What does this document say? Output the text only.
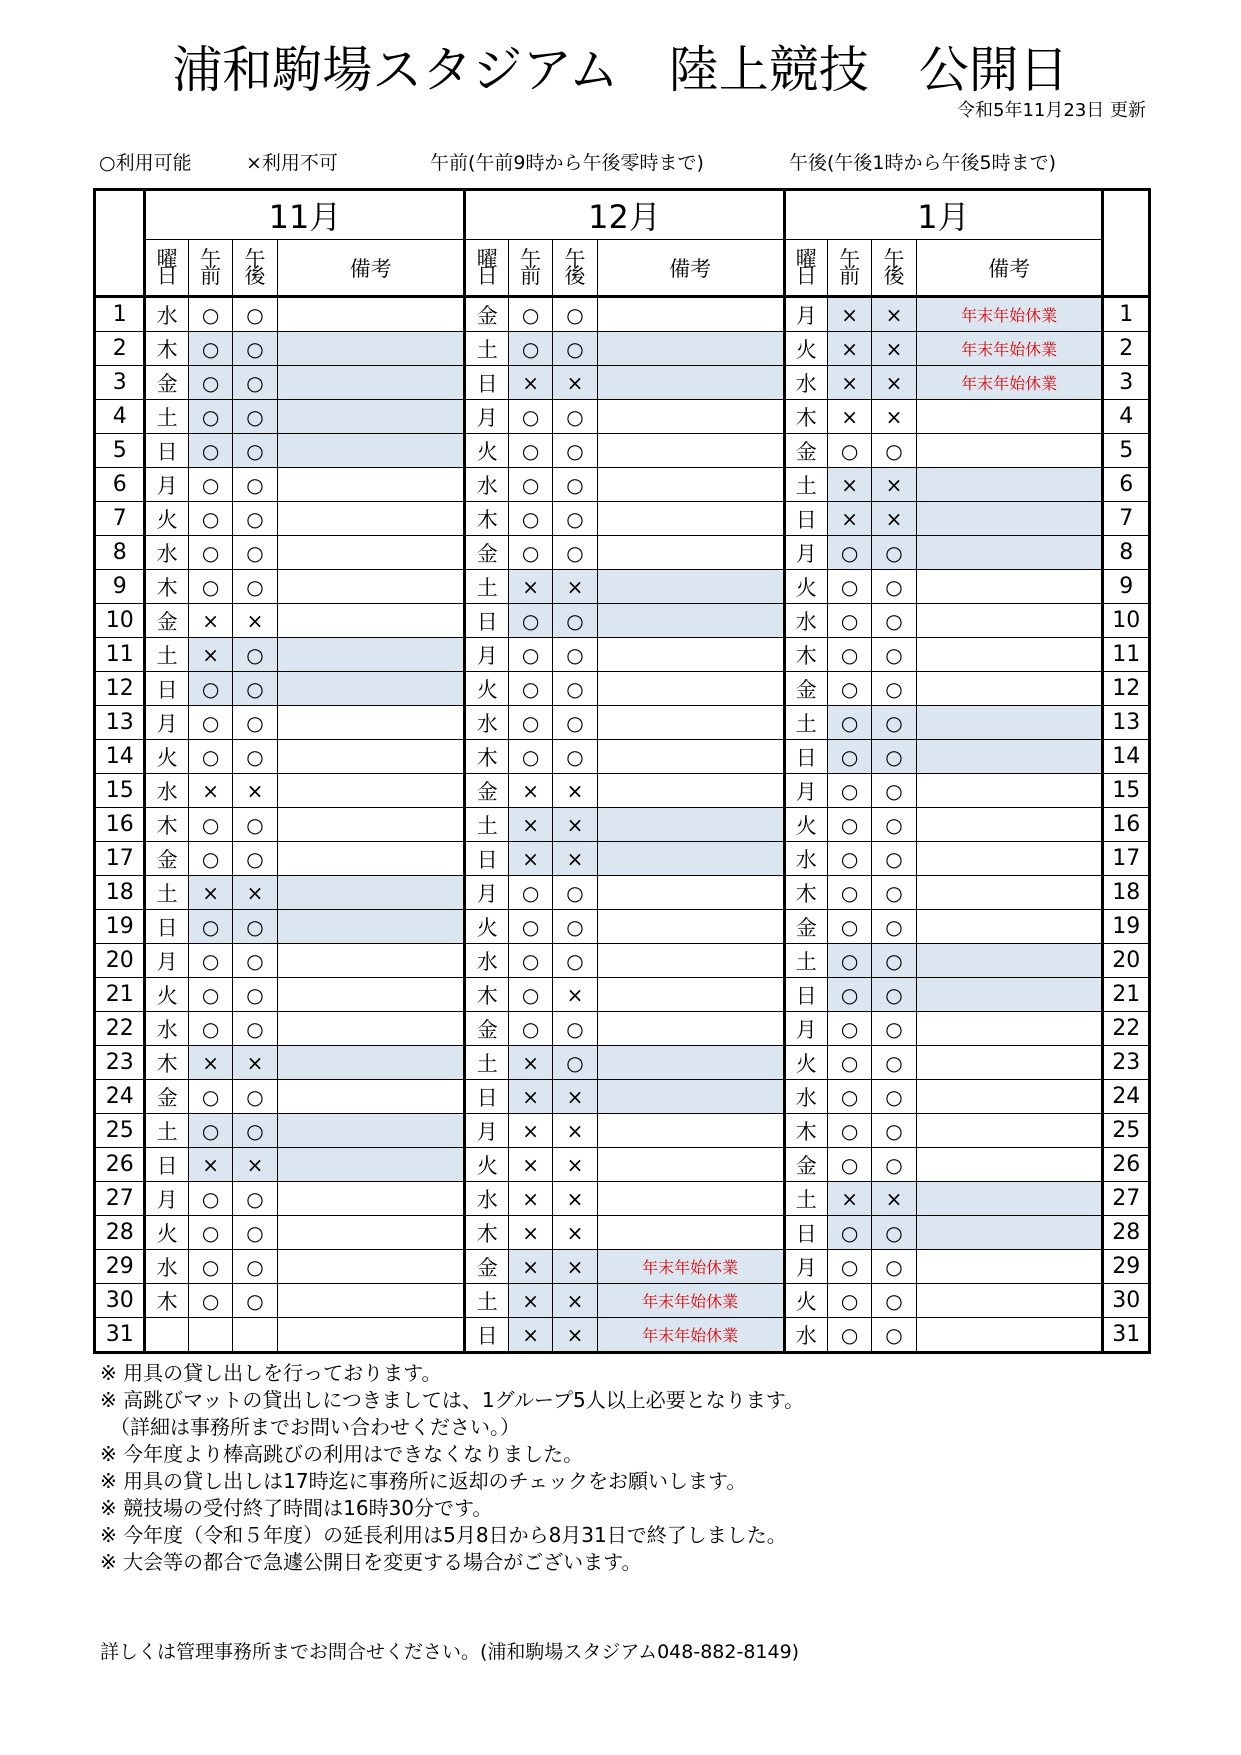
浦和駒場スタジアム　陸上競技　公開日
令和5年11月23日 更新

○利用可能

	×利用不可

	午前(午前9時から午後零時まで)

	午後(午後1時から午後5時まで)

	11月				12月				1月				
	曜日	午前	午後	備考	曜日	午前	午後	備考	曜日	午前	午後	備考	
1	水	○	○		金	○	○		月	×	×	年末年始休業	1
2	木	○	○		土	○	○		火	×	×	年末年始休業	2
3	金	○	○		日	×	×		水	×	×	年末年始休業	3
4	土	○	○		月	○	○		木	×	×		4
5	日	○	○		火	○	○		金	○	○		5
6	月	○	○		水	○	○		土	×	×		6
7	火	○	○		木	○	○		日	×	×		7
8	水	○	○		金	○	○		月	○	○		8
9	木	○	○		土	×	×		火	○	○		9
10	金	×	×		日	○	○		水	○	○		10
11	土	×	○		月	○	○		木	○	○		11
12	日	○	○		火	○	○		金	○	○		12
13	月	○	○		水	○	○		土	○	○		13
14	火	○	○		木	○	○		日	○	○		14
15	水	×	×		金	×	×		月	○	○		15
16	木	○	○		土	×	×		火	○	○		16
17	金	○	○		日	×	×		水	○	○		17
18	土	×	×		月	○	○		木	○	○		18
19	日	○	○		火	○	○		金	○	○		19
20	月	○	○		水	○	○		土	○	○		20
21	火	○	○		木	○	×		日	○	○		21
22	水	○	○		金	○	○		月	○	○		22
23	木	×	×		土	×	○		火	○	○		23
24	金	○	○		日	×	×		水	○	○		24
25	土	○	○		月	×	×		木	○	○		25
26	日	×	×		火	×	×		金	○	○		26
27	月	○	○		水	×	×		土	×	×		27
28	火	○	○		木	×	×		日	○	○		28
29	水	○	○		金	×	×	年末年始休業	月	○	○		29
30	木	○	○		土	×	×	年末年始休業	火	○	○		30
31					日	×	×	年末年始休業	水	○	○		31
※ 用具の貸し出しを行っております。
※ 高跳びマットの貸出しにつきましては、1グループ5人以上必要となります。
　（詳細は事務所までお問い合わせください。）
※ 今年度より棒高跳びの利用はできなくなりました。
※ 用具の貸し出しは17時迄に事務所に返却のチェックをお願いします。
※ 競技場の受付終了時間は16時30分です。
※ 今年度（令和５年度）の延長利用は5月8日から8月31日で終了しました。
※ 大会等の都合で急遽公開日を変更する場合がございます。
詳しくは管理事務所までお問合せください。(浦和駒場スタジアム048-882-8149)
